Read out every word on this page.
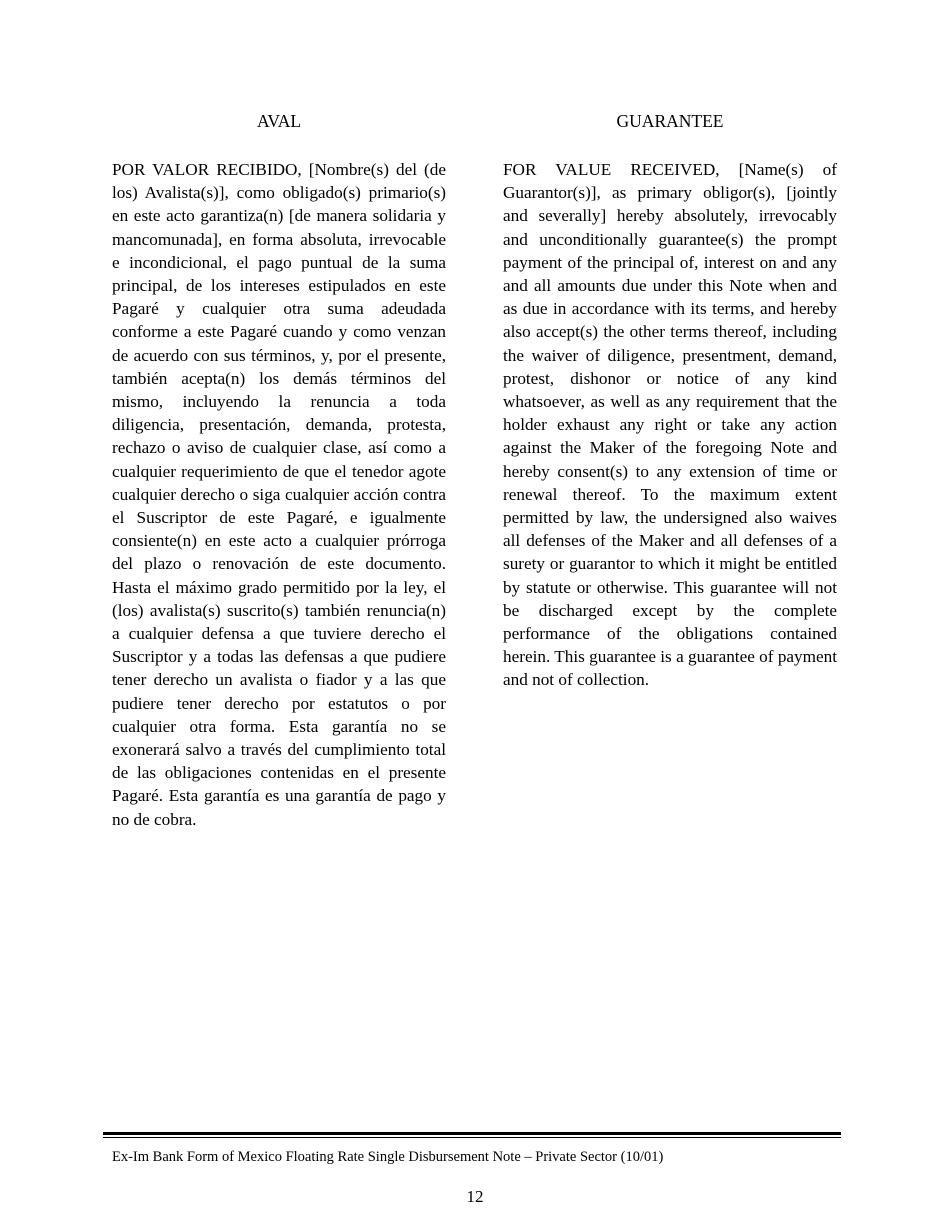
AVAL

POR VALOR RECIBIDO, [Nombre(s) del (de los) Avalista(s)], como obligado(s) primario(s) en este acto garantiza(n) [de manera solidaria y mancomunada], en forma absoluta, irrevocable e incondicional, el pago puntual de la suma principal, de los intereses estipulados en este Pagaré y cualquier otra suma adeudada conforme a este Pagaré cuando y como venzan de acuerdo con sus términos, y, por el presente, también acepta(n) los demás términos del mismo, incluyendo la renuncia a toda diligencia, presentación, demanda, protesta, rechazo o aviso de cualquier clase, así como a cualquier requerimiento de que el tenedor agote cualquier derecho o siga cualquier acción contra el Suscriptor de este Pagaré, e igualmente consiente(n) en este acto a cualquier prórroga del plazo o renovación de este documento. Hasta el máximo grado permitido por la ley, el (los) avalista(s) suscrito(s) también renuncia(n) a cualquier defensa a que tuviere derecho el Suscriptor y a todas las defensas a que pudiere tener derecho un avalista o fiador y a las que pudiere tener derecho por estatutos o por cualquier otra forma. Esta garantía no se exonerará salvo a través del cumplimiento total de las obligaciones contenidas en el presente Pagaré. Esta garantía es una garantía de pago y no de cobra.

GUARANTEE

FOR VALUE RECEIVED, [Name(s) of Guarantor(s)], as primary obligor(s), [jointly and severally] hereby absolutely, irrevocably and unconditionally guarantee(s) the prompt payment of the principal of, interest on and any and all amounts due under this Note when and as due in accordance with its terms, and hereby also accept(s) the other terms thereof, including the waiver of diligence, presentment, demand, protest, dishonor or notice of any kind whatsoever, as well as any requirement that the holder exhaust any right or take any action against the Maker of the foregoing Note and hereby consent(s) to any extension of time or renewal thereof. To the maximum extent permitted by law, the undersigned also waives all defenses of the Maker and all defenses of a surety or guarantor to which it might be entitled by statute or otherwise. This guarantee will not be discharged except by the complete performance of the obligations contained herein. This guarantee is a guarantee of payment and not of collection.

Ex-Im Bank Form of Mexico Floating Rate Single Disbursement Note – Private Sector (10/01)
12
